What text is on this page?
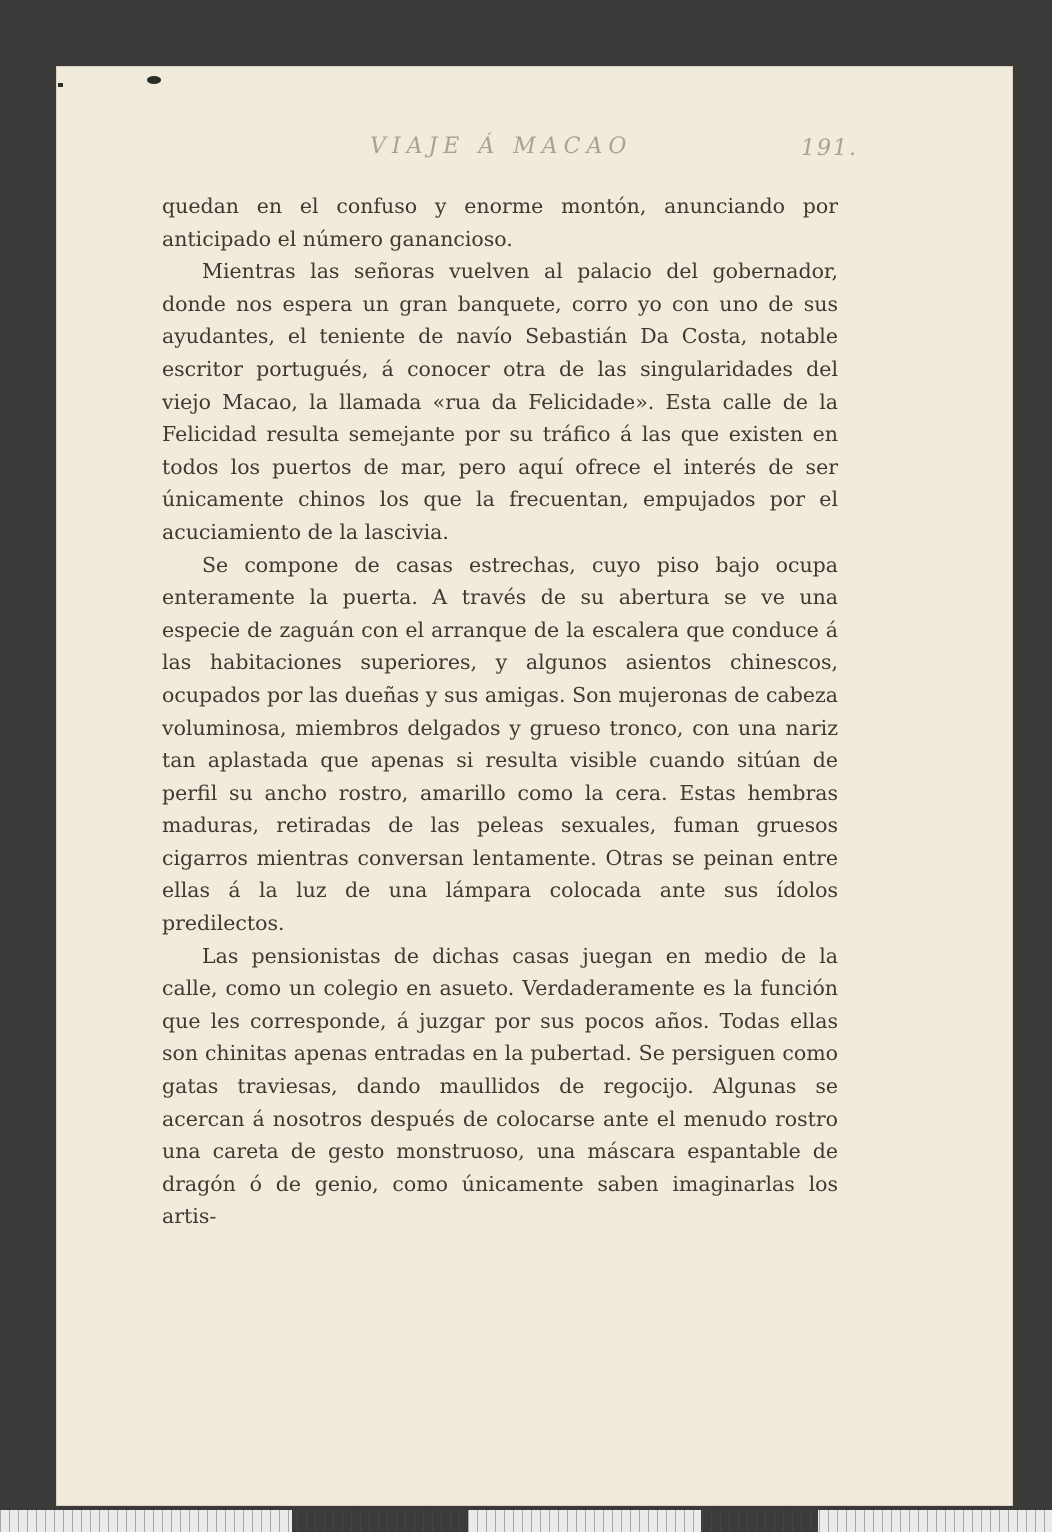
VIAJE Á MACAO	191.

quedan en el confuso y enorme montón, anunciando por anticipado el número ganancioso.

Mientras las señoras vuelven al palacio del gobernador, donde nos espera un gran banquete, corro yo con uno de sus ayudantes, el teniente de navío Sebastián Da Costa, notable escritor portugués, á conocer otra de las singularidades del viejo Macao, la llamada «rua da Felicidade». Esta calle de la Felicidad resulta semejante por su tráfico á las que existen en todos los puertos de mar, pero aquí ofrece el interés de ser únicamente chinos los que la frecuentan, empujados por el acuciamiento de la lascivia.

Se compone de casas estrechas, cuyo piso bajo ocupa enteramente la puerta. A través de su abertura se ve una especie de zaguán con el arranque de la escalera que conduce á las habitaciones superiores, y algunos asientos chinescos, ocupados por las dueñas y sus amigas. Son mujeronas de cabeza voluminosa, miembros delgados y grueso tronco, con una nariz tan aplastada que apenas si resulta visible cuando sitúan de perfil su ancho rostro, amarillo como la cera. Estas hembras maduras, retiradas de las peleas sexuales, fuman gruesos cigarros mientras conversan lentamente. Otras se peinan entre ellas á la luz de una lámpara colocada ante sus ídolos predilectos.

Las pensionistas de dichas casas juegan en medio de la calle, como un colegio en asueto. Verdaderamente es la función que les corresponde, á juzgar por sus pocos años. Todas ellas son chinitas apenas entradas en la pubertad. Se persiguen como gatas traviesas, dando maullidos de regocijo. Algunas se acercan á nosotros después de colocarse ante el menudo rostro una careta de gesto monstruoso, una máscara espantable de dragón ó de genio, como únicamente saben imaginarlas los artis-
